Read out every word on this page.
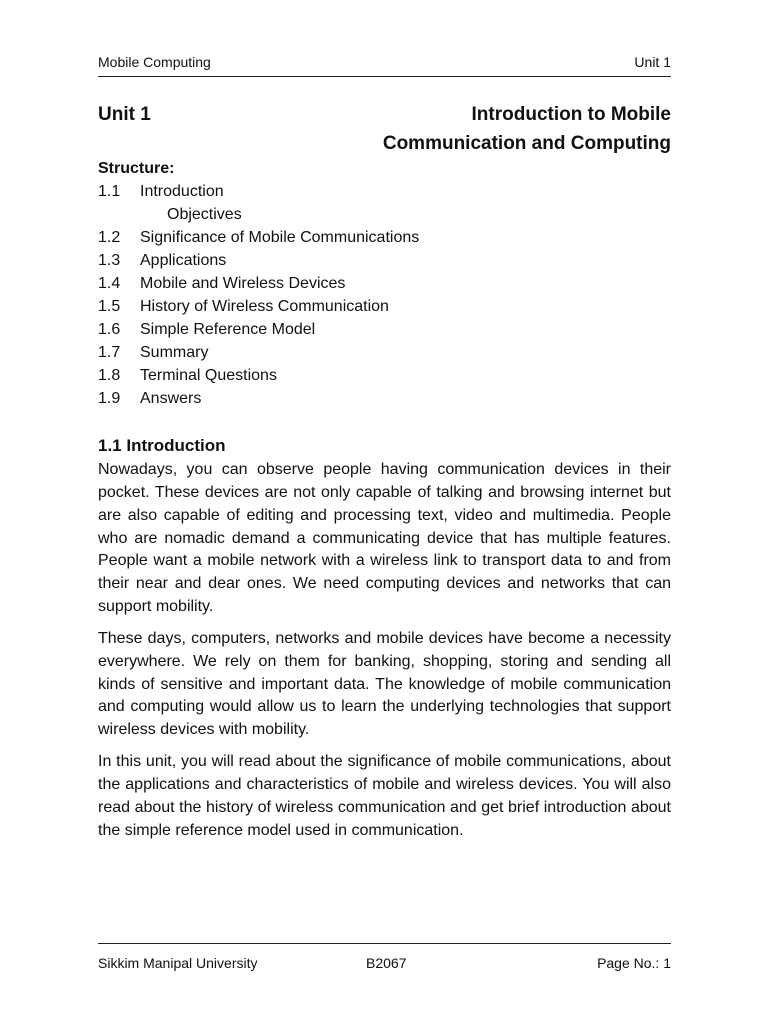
Mobile Computing	Unit 1
Unit 1	Introduction to Mobile
Communication and Computing
Structure:
1.1	Introduction
Objectives
1.2	Significance of Mobile Communications
1.3	Applications
1.4	Mobile and Wireless Devices
1.5	History of Wireless Communication
1.6	Simple Reference Model
1.7	Summary
1.8	Terminal Questions
1.9	Answers
1.1 Introduction

Nowadays, you can observe people having communication devices in their pocket. These devices are not only capable of talking and browsing internet but are also capable of editing and processing text, video and multimedia. People who are nomadic demand a communicating device that has multiple features. People want a mobile network with a wireless link to transport data to and from their near and dear ones. We need computing devices and networks that can support mobility.

These days, computers, networks and mobile devices have become a necessity everywhere. We rely on them for banking, shopping, storing and sending all kinds of sensitive and important data. The knowledge of mobile communication and computing would allow us to learn the underlying technologies that support wireless devices with mobility.

In this unit, you will read about the significance of mobile communications, about the applications and characteristics of mobile and wireless devices. You will also read about the history of wireless communication and get brief introduction about the simple reference model used in communication.

Sikkim Manipal University	B2067	Page No.: 1
